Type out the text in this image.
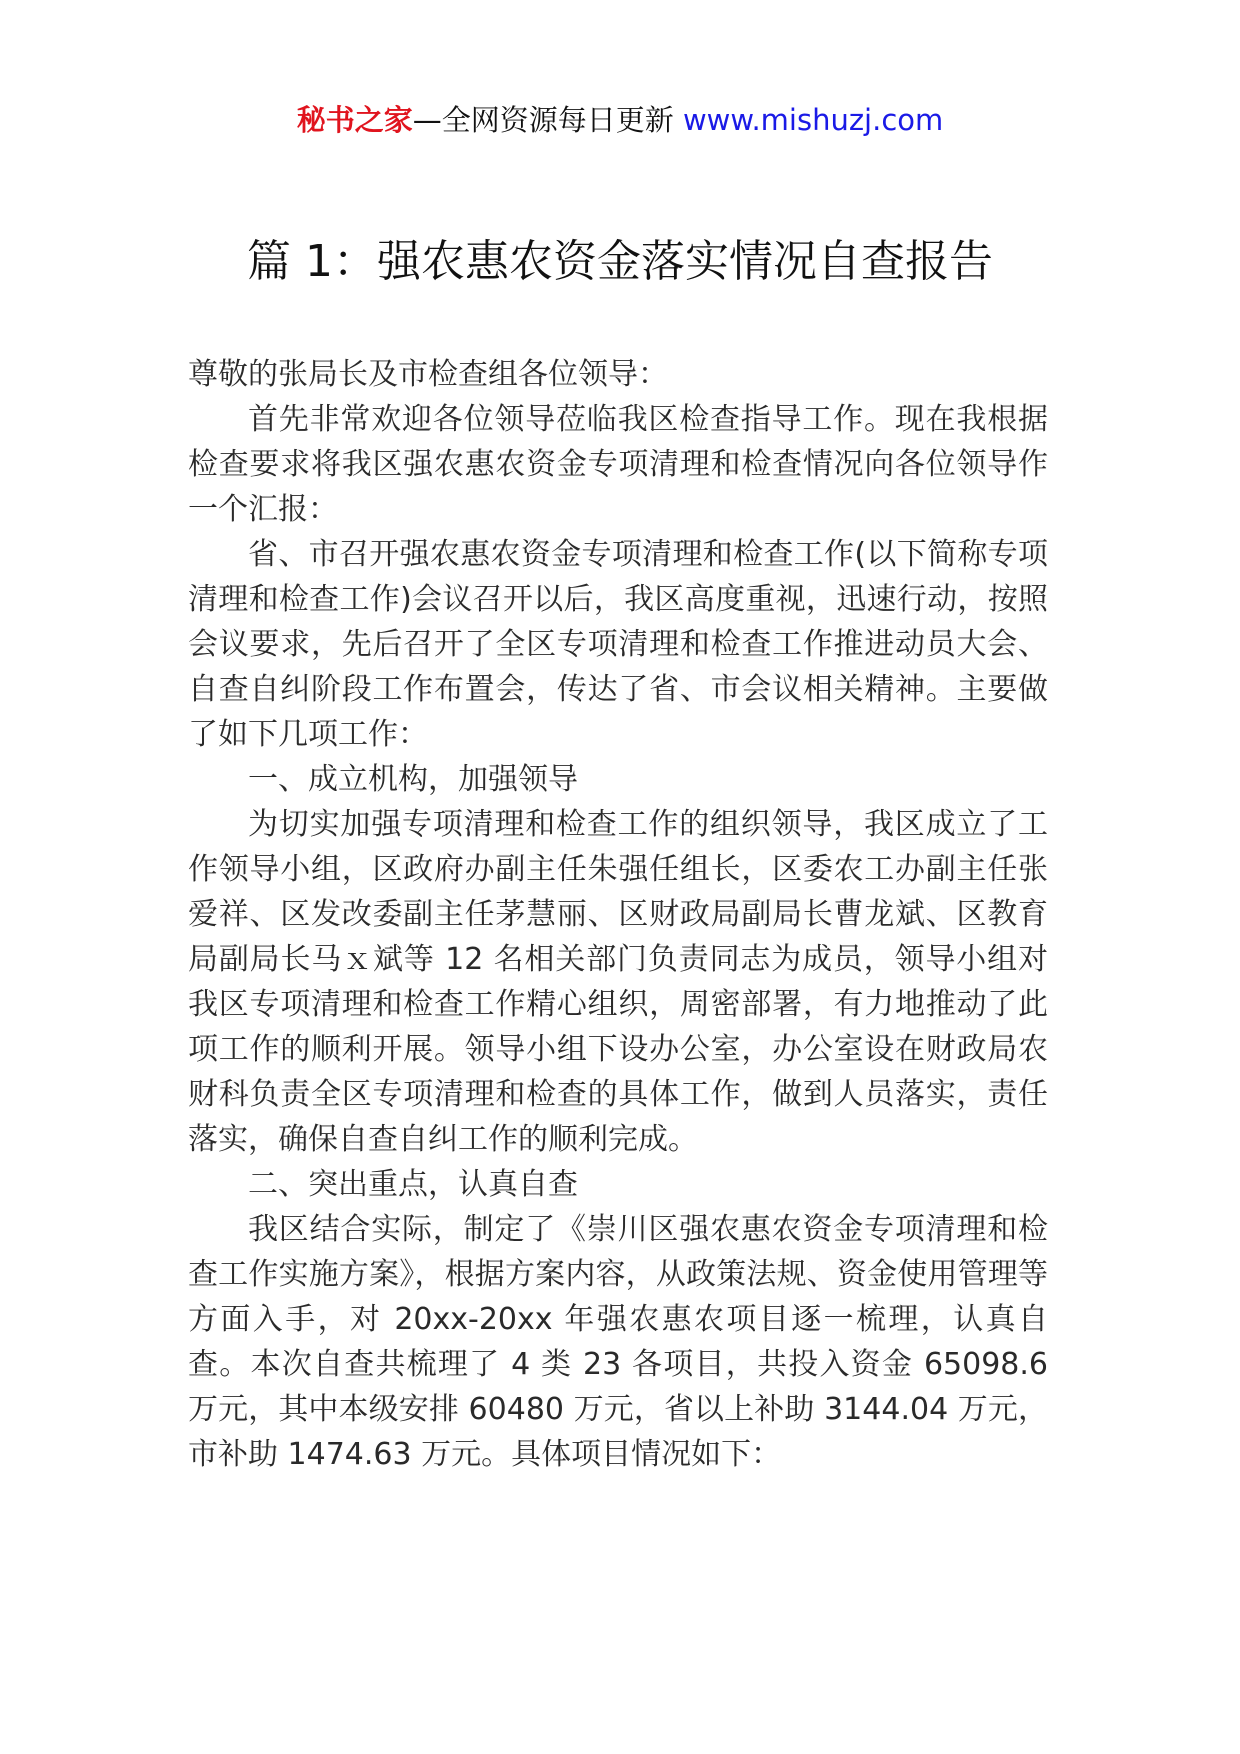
秘书之家—全网资源每日更新 www.mishuzj.com
篇 1：强农惠农资金落实情况自查报告

尊敬的张局长及市检查组各位领导：

首先非常欢迎各位领导莅临我区检查指导工作。现在我根据检查要求将我区强农惠农资金专项清理和检查情况向各位领导作一个汇报：

省、市召开强农惠农资金专项清理和检查工作(以下简称专项清理和检查工作)会议召开以后，我区高度重视，迅速行动，按照会议要求，先后召开了全区专项清理和检查工作推进动员大会、自查自纠阶段工作布置会，传达了省、市会议相关精神。主要做了如下几项工作：

一、成立机构，加强领导

为切实加强专项清理和检查工作的组织领导，我区成立了工作领导小组，区政府办副主任朱强任组长，区委农工办副主任张爱祥、区发改委副主任茅慧丽、区财政局副局长曹龙斌、区教育局副局长马ｘ斌等 12 名相关部门负责同志为成员，领导小组对我区专项清理和检查工作精心组织，周密部署，有力地推动了此项工作的顺利开展。领导小组下设办公室，办公室设在财政局农财科负责全区专项清理和检查的具体工作，做到人员落实，责任落实，确保自查自纠工作的顺利完成。

二、突出重点，认真自查

我区结合实际，制定了《崇川区强农惠农资金专项清理和检查工作实施方案》，根据方案内容，从政策法规、资金使用管理等方面入手，对 20xx-20xx 年强农惠农项目逐一梳理，认真自查。本次自查共梳理了 4 类 23 各项目，共投入资金 65098.6 万元，其中本级安排 60480 万元，省以上补助 3144.04 万元，市补助 1474.63 万元。具体项目情况如下：
